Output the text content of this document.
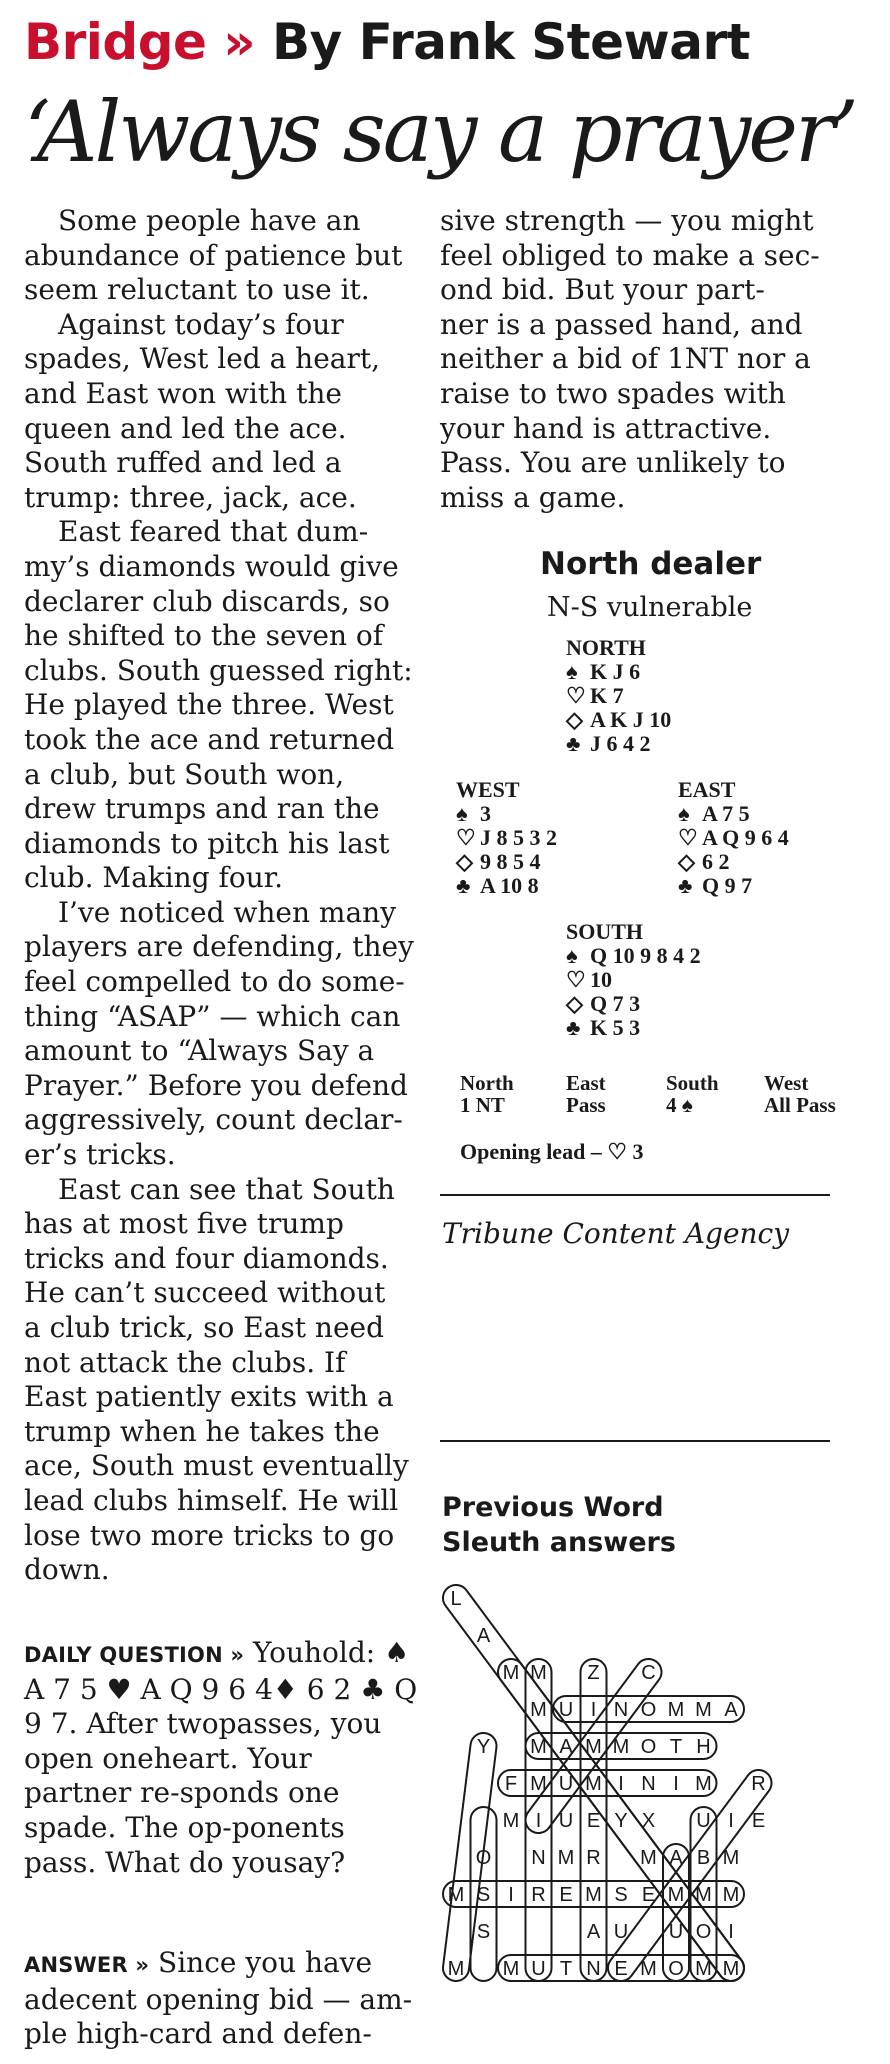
Bridge » By Frank Stewart
‘Always say a prayer’

Some people have an
abundance of patience but
seem reluctant to use it.

Against today’s four
spades, West led a heart,
and East won with the
queen and led the ace.
South ruffed and led a
trump: three, jack, ace.

East feared that dum-
my’s diamonds would give
declarer club discards, so
he shifted to the seven of
clubs. South guessed right:
He played the three. West
took the ace and returned
a club, but South won,
drew trumps and ran the
diamonds to pitch his last
club. Making four.

I’ve noticed when many
players are defending, they
feel compelled to do some-
thing “ASAP” — which can
amount to “Always Say a
Prayer.” Before you defend
aggressively, count declar-
er’s tricks.

East can see that South
has at most five trump
tricks and four diamonds.
He can’t succeed without
a club trick, so East need
not attack the clubs. If
East patiently exits with a
trump when he takes the
ace, South must eventually
lead clubs himself. He will
lose two more tricks to go
down.

DAILY QUESTION » Youhold: ♠ A 7 5 ♥ A Q 9 6 4♦ 6 2 ♣ Q 9 7. After twopasses, you open oneheart. Your partner re-sponds one spade. The op-ponents pass. What do yousay?
ANSWER » Since you have adecent opening bid — am-ple high-card and defen-
sive strength — you might
feel obliged to make a sec-
ond bid. But your part-
ner is a passed hand, and
neither a bid of 1NT nor a
raise to two spades with
your hand is attractive.
Pass. You are unlikely to
miss a game.
North dealer
N-S vulnerable
NORTH
♠ K J 6
♡ K 7
◇ A K J 10
♣ J 6 4 2
WEST
♠ 3
♡ J 8 5 3 2
◇ 9 8 5 4
♣ A 10 8
EAST
♠ A 7 5
♡ A Q 9 6 4
◇ 6 2
♣ Q 9 7
SOUTH
♠ Q 10 9 8 4 2
♡ 10
◇ Q 7 3
♣ K 5 3
North East	South West
1 NT	Pass	4 ♠	All Pass
Opening lead – ♡ 3
Tribune Content Agency
Previous Word
Sleuth answers
L
A
M M Z C
M U I N O M M A
Y M A M M O T H
F M U M I N I M R
M I U E Y X U I E
O N M R M A B M
M S I R E M S E M M M
S	A U U O I
M M U T N E M O M M
